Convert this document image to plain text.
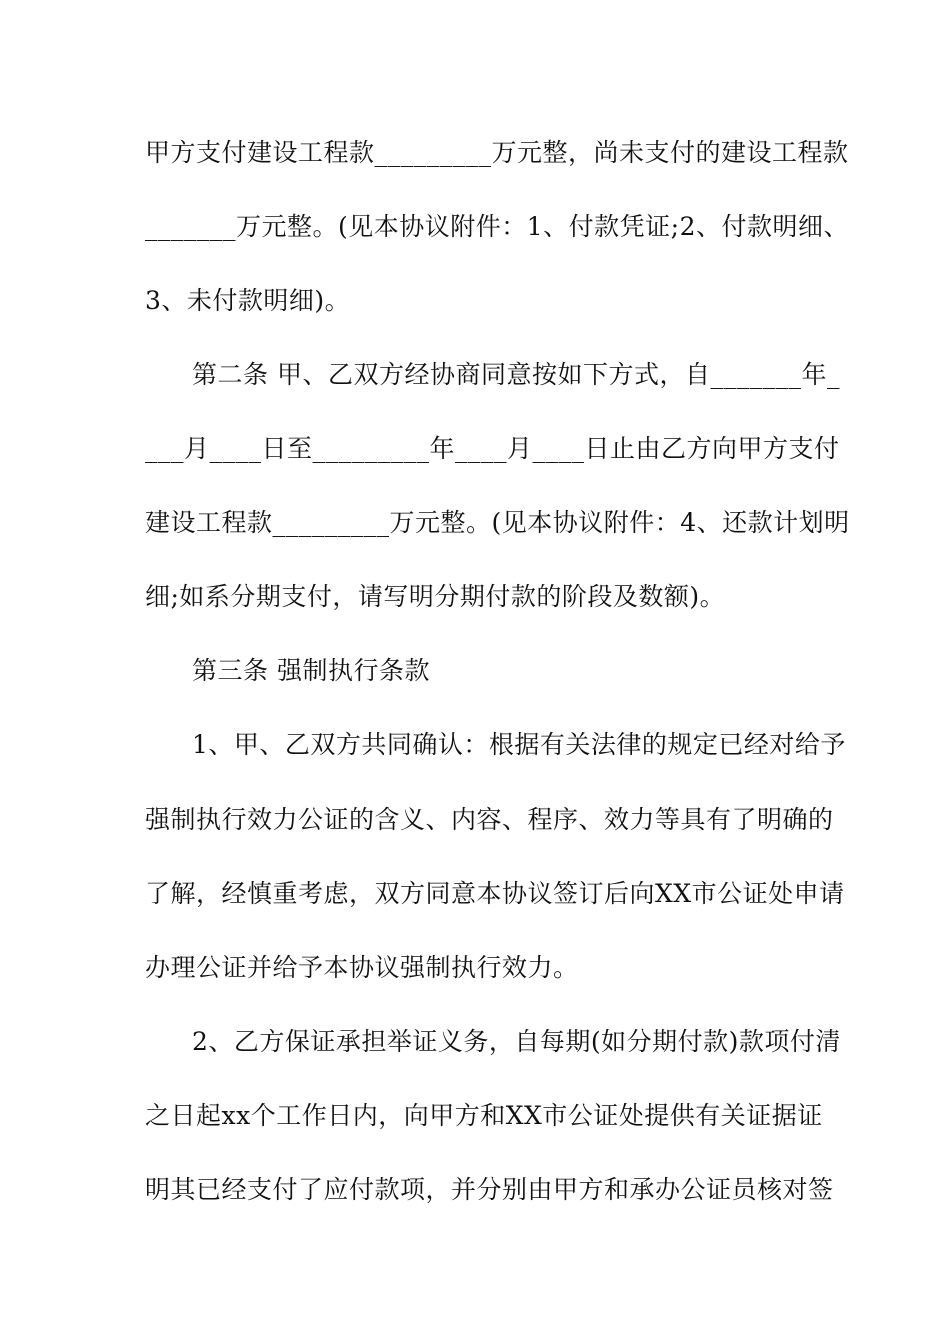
甲方支付建设工程款_________万元整，尚未支付的建设工程款
_______万元整。(见本协议附件：1、付款凭证;2、付款明细、
3、未付款明细)。
第二条 甲、乙双方经协商同意按如下方式，自_______年_
___月____日至_________年____月____日止由乙方向甲方支付
建设工程款_________万元整。(见本协议附件：4、还款计划明
细;如系分期支付，请写明分期付款的阶段及数额)。
第三条 强制执行条款
1、甲、乙双方共同确认：根据有关法律的规定已经对给予
强制执行效力公证的含义、内容、程序、效力等具有了明确的
了解，经慎重考虑，双方同意本协议签订后向XX市公证处申请
办理公证并给予本协议强制执行效力。
2、乙方保证承担举证义务，自每期(如分期付款)款项付清
之日起xx个工作日内，向甲方和XX市公证处提供有关证据证
明其已经支付了应付款项，并分别由甲方和承办公证员核对签
